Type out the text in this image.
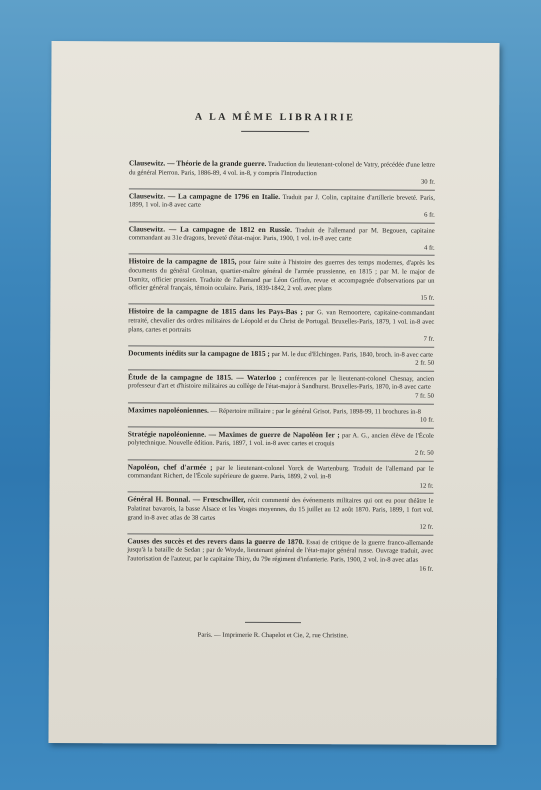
A LA MÊME LIBRAIRIE
Clausewitz. — Théorie de la grande guerre. Traduction du lieutenant-colonel de Vatry, précédée d'une lettre du général Pierron. Paris, 1886-89, 4 vol. in-8, y compris l'Introduction
30 fr.
Clausewitz. — La campagne de 1796 en Italie. Traduit par J. Colin, capitaine d'artillerie breveté. Paris, 1899, 1 vol. in-8 avec carte
6 fr.
Clausewitz. — La campagne de 1812 en Russie. Traduit de l'allemand par M. Begouen, capitaine commandant au 31e dragons, breveté d'état-major. Paris, 1900, 1 vol. in-8 avec carte
4 fr.
Histoire de la campagne de 1815, pour faire suite à l'histoire des guerres des temps modernes, d'après les documents du général Grolman, quartier-maître général de l'armée prussienne, en 1815 ; par M. le major de Damitz, officier prussien. Traduite de l'allemand par Léon Griffon, revue et accompagnée d'observations par un officier général français, témoin oculaire. Paris, 1839-1842, 2 vol. avec plans
15 fr.
Histoire de la campagne de 1815 dans les Pays-Bas ; par G. van Remoortere, capitaine-commandant retraité, chevalier des ordres militaires de Léopold et du Christ de Portugal. Bruxelles-Paris, 1879, 1 vol. in-8 avec plans, cartes et portraits
7 fr.
Documents inédits sur la campagne de 1815 ; par M. le duc d'Elchingen. Paris, 1840, broch. in-8 avec carte
2 fr. 50
Étude de la campagne de 1815. — Waterloo ; conférences par le lieutenant-colonel Chesnay, ancien professeur d'art et d'histoire militaires au collège de l'état-major à Sandhurst. Bruxelles-Paris, 1870, in-8 avec carte
7 fr. 50
Maximes napoléoniennes. — Répertoire militaire ; par le général Grisot. Paris, 1898-99, 11 brochures in-8
10 fr.
Stratégie napoléonienne. — Maximes de guerre de Napoléon Ier ; par A. G., ancien élève de l'École polytechnique. Nouvelle édition. Paris, 1897, 1 vol. in-8 avec cartes et croquis
2 fr. 50
Napoléon, chef d'armée ; par le lieutenant-colonel Yorck de Wartenburg. Traduit de l'allemand par le commandant Richert, de l'École supérieure de guerre. Paris, 1899, 2 vol. in-8
12 fr.
Général H. Bonnal. — Frœschwiller, récit commenté des événements militaires qui ont eu pour théâtre le Palatinat bavarois, la basse Alsace et les Vosges moyennes, du 15 juillet au 12 août 1870. Paris, 1899, 1 fort vol. grand in-8 avec atlas de 38 cartes
12 fr.
Causes des succès et des revers dans la guerre de 1870. Essai de critique de la guerre franco-allemande jusqu'à la bataille de Sedan ; par de Woyde, lieutenant général de l'état-major général russe. Ouvrage traduit, avec l'autorisation de l'auteur, par le capitaine Thiry, du 79e régiment d'infanterie. Paris, 1900, 2 vol. in-8 avec atlas
16 fr.
Paris. — Imprimerie R. Chapelot et Cie, 2, rue Christine.
